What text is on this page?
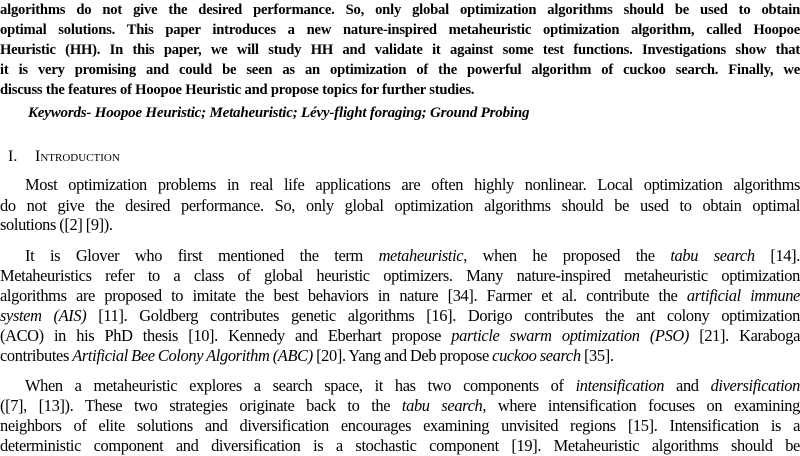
algorithms do not give the desired performance. So, only global optimization algorithms should be used to obtain
optimal solutions. This paper introduces a new nature-inspired metaheuristic optimization algorithm, called Hoopoe
Heuristic (HH). In this paper, we will study HH and validate it against some test functions. Investigations show that
it is very promising and could be seen as an optimization of the powerful algorithm of cuckoo search. Finally, we
discuss the features of Hoopoe Heuristic and propose topics for further studies.
Keywords- Hoopoe Heuristic; Metaheuristic; Lévy-flight foraging; Ground Probing
I. Introduction
Most optimization problems in real life applications are often highly nonlinear. Local optimization algorithms
do not give the desired performance. So, only global optimization algorithms should be used to obtain optimal
solutions ([2] [9]).
It is Glover who first mentioned the term metaheuristic, when he proposed the tabu search [14].
Metaheuristics refer to a class of global heuristic optimizers. Many nature-inspired metaheuristic optimization
algorithms are proposed to imitate the best behaviors in nature [34]. Farmer et al. contribute the artificial immune
system (AIS) [11]. Goldberg contributes genetic algorithms [16]. Dorigo contributes the ant colony optimization
(ACO) in his PhD thesis [10]. Kennedy and Eberhart propose particle swarm optimization (PSO) [21]. Karaboga
contributes Artificial Bee Colony Algorithm (ABC) [20]. Yang and Deb propose cuckoo search [35].
When a metaheuristic explores a search space, it has two components of intensification and diversification
([7], [13]). These two strategies originate back to the tabu search, where intensification focuses on examining
neighbors of elite solutions and diversification encourages examining unvisited regions [15]. Intensification is a
deterministic component and diversification is a stochastic component [19]. Metaheuristic algorithms should be
